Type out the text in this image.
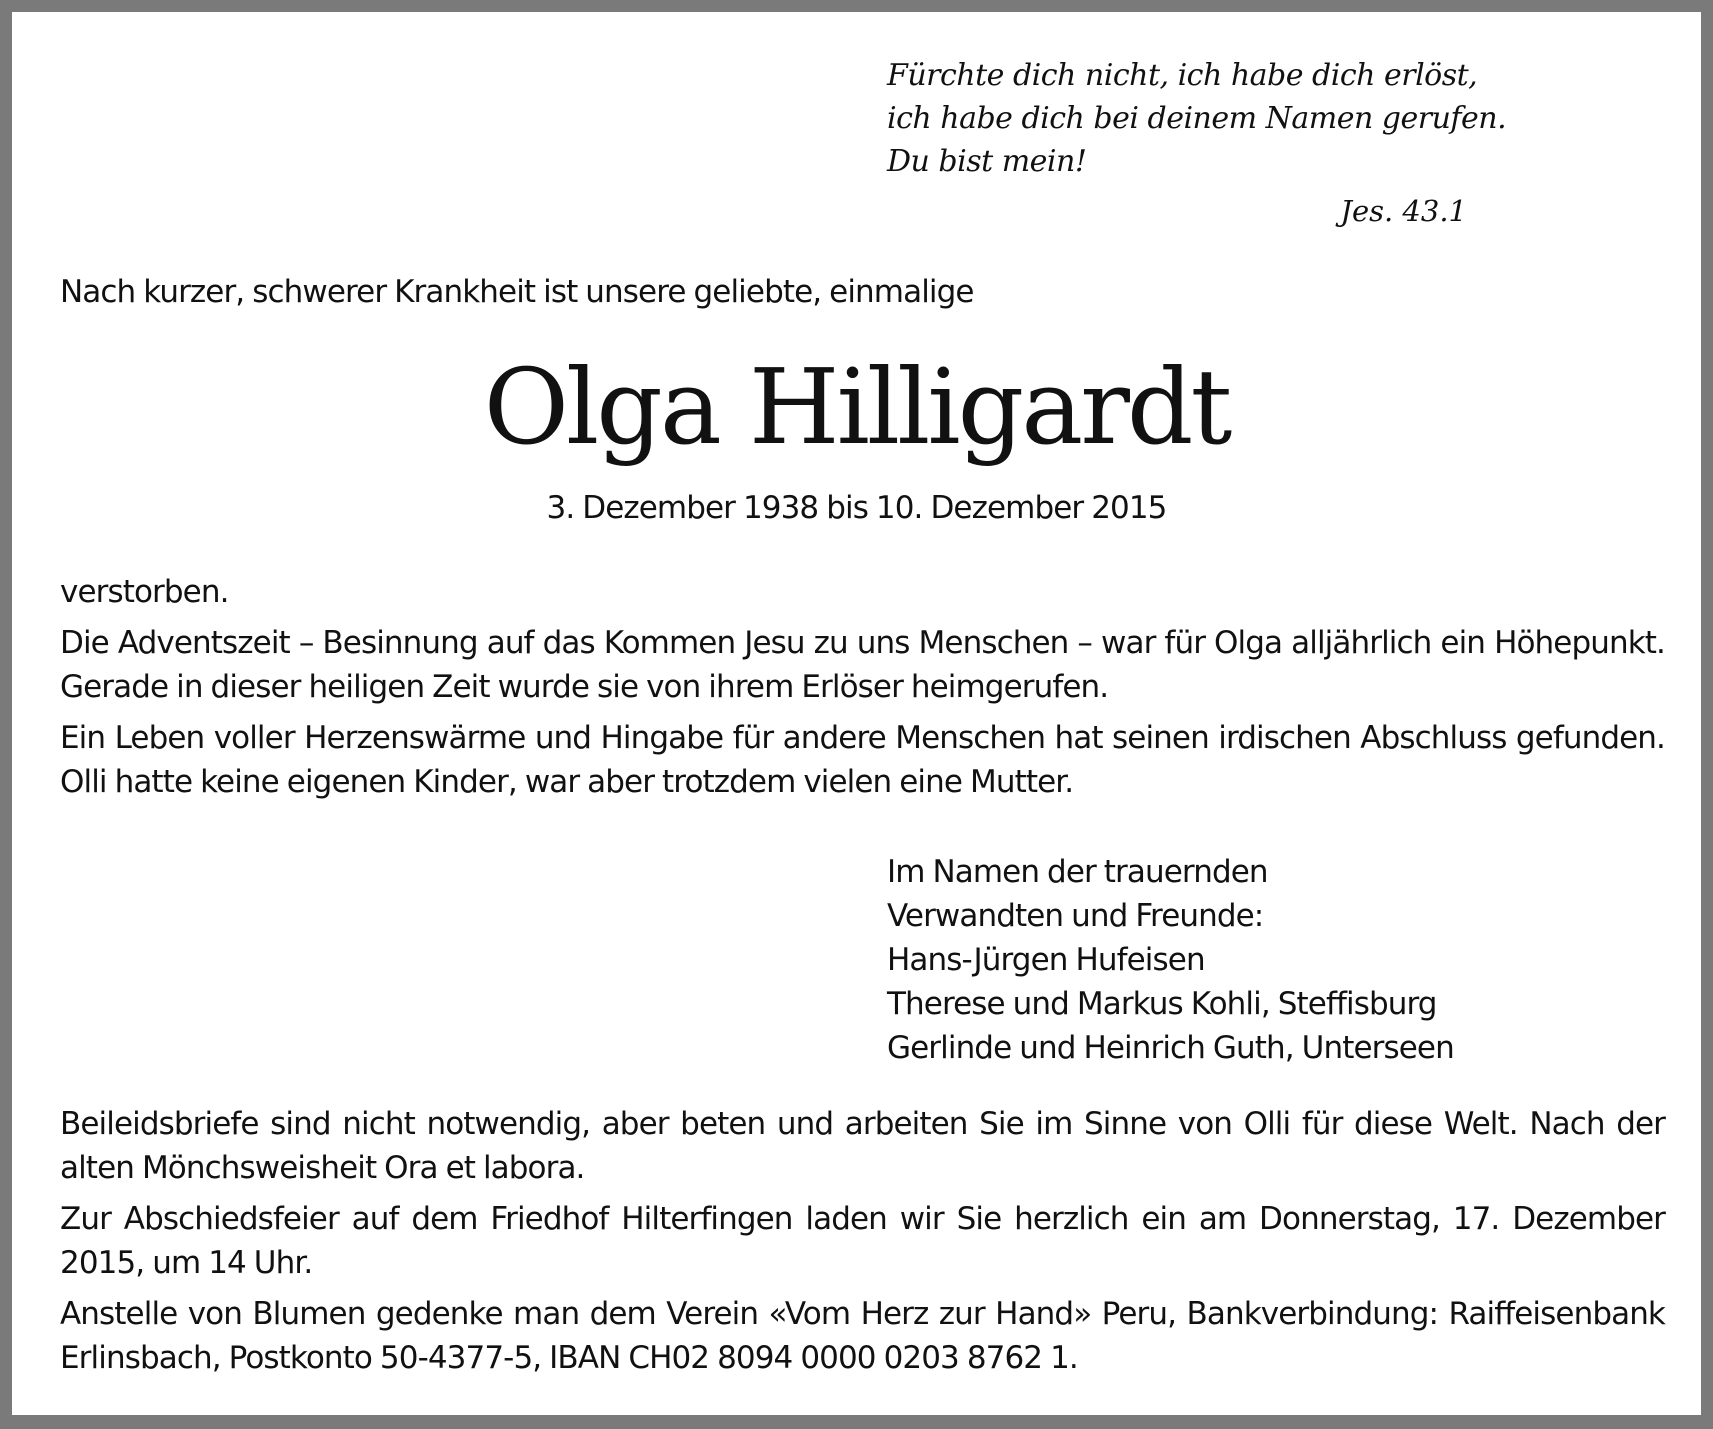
Fürchte dich nicht, ich habe dich erlöst,
ich habe dich bei deinem Namen gerufen.
Du bist mein!
Jes. 43.1
Nach kurzer, schwerer Krankheit ist unsere geliebte, einmalige
Olga Hilligardt
3. Dezember 1938 bis 10. Dezember 2015

verstorben.

Die Adventszeit – Besinnung auf das Kommen Jesu zu uns Menschen – war für Olga alljährlich ein Höhepunkt. Gerade in dieser heiligen Zeit wurde sie von ihrem Erlöser heimgerufen.

Ein Leben voller Herzenswärme und Hingabe für andere Menschen hat seinen irdischen Abschluss gefunden. Olli hatte keine eigenen Kinder, war aber trotzdem vielen eine Mutter.

Im Namen der trauernden
Verwandten und Freunde:
Hans-Jürgen Hufeisen
Therese und Markus Kohli, Steffisburg
Gerlinde und Heinrich Guth, Unterseen

Beileidsbriefe sind nicht notwendig, aber beten und arbeiten Sie im Sinne von Olli für diese Welt. Nach der alten Mönchsweisheit Ora et labora.

Zur Abschiedsfeier auf dem Friedhof Hilterfingen laden wir Sie herzlich ein am Donnerstag, 17. Dezember 2015, um 14 Uhr.

Anstelle von Blumen gedenke man dem Verein «Vom Herz zur Hand» Peru, Bankverbindung: Raiffeisenbank Erlinsbach, Postkonto 50-4377-5, IBAN CH02 8094 0000 0203 8762 1.
